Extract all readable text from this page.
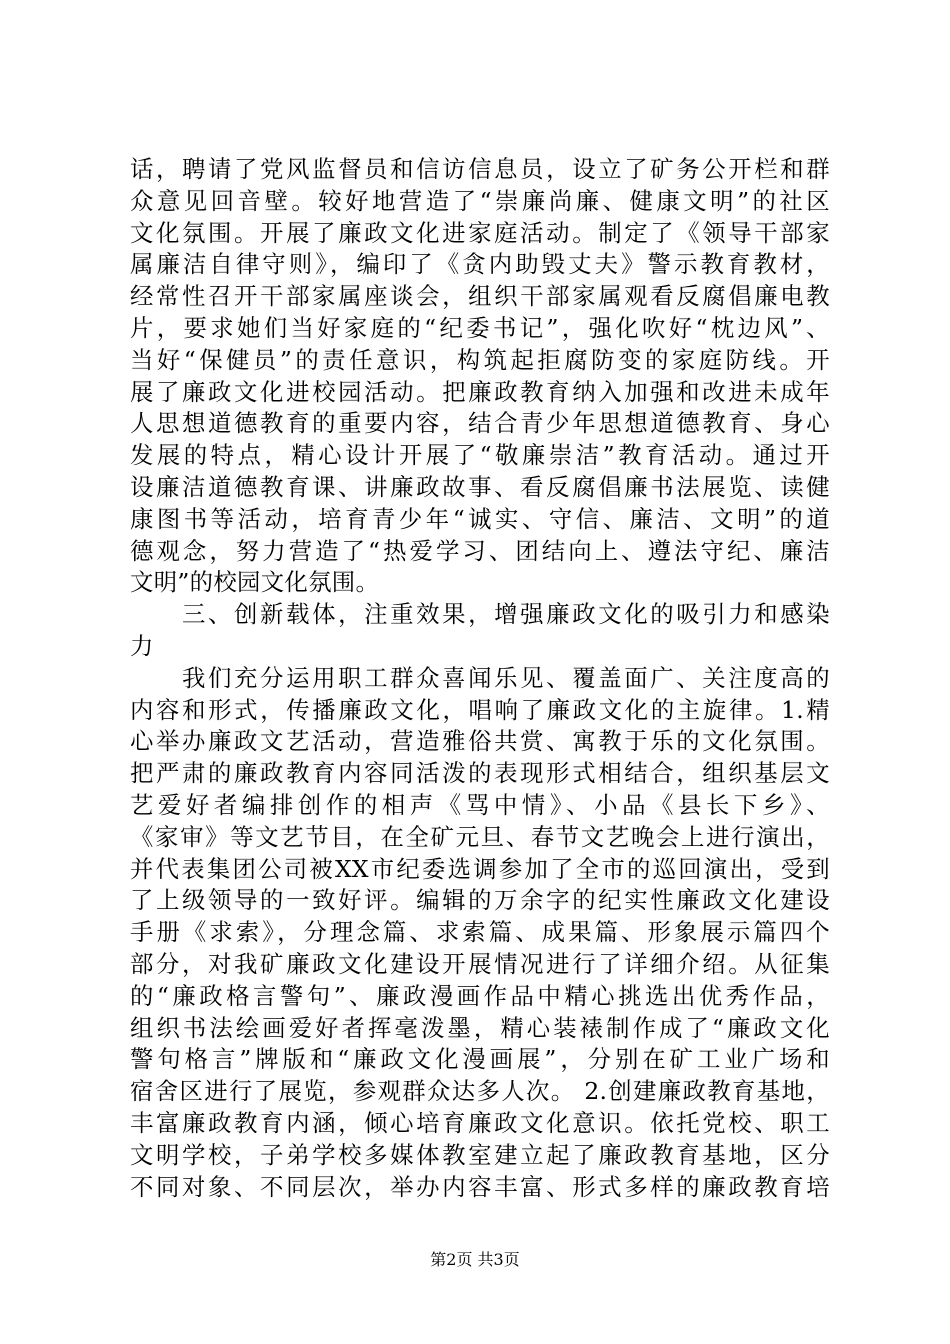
话，聘请了党风监督员和信访信息员，设立了矿务公开栏和群
众意见回音壁。较好地营造了“崇廉尚廉、健康文明”的社区
文化氛围。开展了廉政文化进家庭活动。制定了《领导干部家
属廉洁自律守则》，编印了《贪内助毁丈夫》警示教育教材，
经常性召开干部家属座谈会，组织干部家属观看反腐倡廉电教
片，要求她们当好家庭的“纪委书记”，强化吹好“枕边风”、
当好“保健员”的责任意识，构筑起拒腐防变的家庭防线。开
展了廉政文化进校园活动。把廉政教育纳入加强和改进未成年
人思想道德教育的重要内容，结合青少年思想道德教育、身心
发展的特点，精心设计开展了“敬廉崇洁”教育活动。通过开
设廉洁道德教育课、讲廉政故事、看反腐倡廉书法展览、读健
康图书等活动，培育青少年“诚实、守信、廉洁、文明”的道
德观念，努力营造了“热爱学习、团结向上、遵法守纪、廉洁
文明”的校园文化氛围。
　　三、创新载体，注重效果，增强廉政文化的吸引力和感染
力
　　我们充分运用职工群众喜闻乐见、覆盖面广、关注度高的
内容和形式，传播廉政文化，唱响了廉政文化的主旋律。1.精
心举办廉政文艺活动，营造雅俗共赏、寓教于乐的文化氛围。
把严肃的廉政教育内容同活泼的表现形式相结合，组织基层文
艺爱好者编排创作的相声《骂中情》、小品《县长下乡》、
《家审》等文艺节目，在全矿元旦、春节文艺晚会上进行演出，
并代表集团公司被XX市纪委选调参加了全市的巡回演出，受到
了上级领导的一致好评。编辑的万余字的纪实性廉政文化建设
手册《求索》，分理念篇、求索篇、成果篇、形象展示篇四个
部分，对我矿廉政文化建设开展情况进行了详细介绍。从征集
的“廉政格言警句”、廉政漫画作品中精心挑选出优秀作品，
组织书法绘画爱好者挥毫泼墨，精心装裱制作成了“廉政文化
警句格言”牌版和“廉政文化漫画展”，分别在矿工业广场和
宿舍区进行了展览，参观群众达多人次。 2.创建廉政教育基地，
丰富廉政教育内涵，倾心培育廉政文化意识。依托党校、职工
文明学校，子弟学校多媒体教室建立起了廉政教育基地，区分
不同对象、不同层次，举办内容丰富、形式多样的廉政教育培
第2页 共3页
